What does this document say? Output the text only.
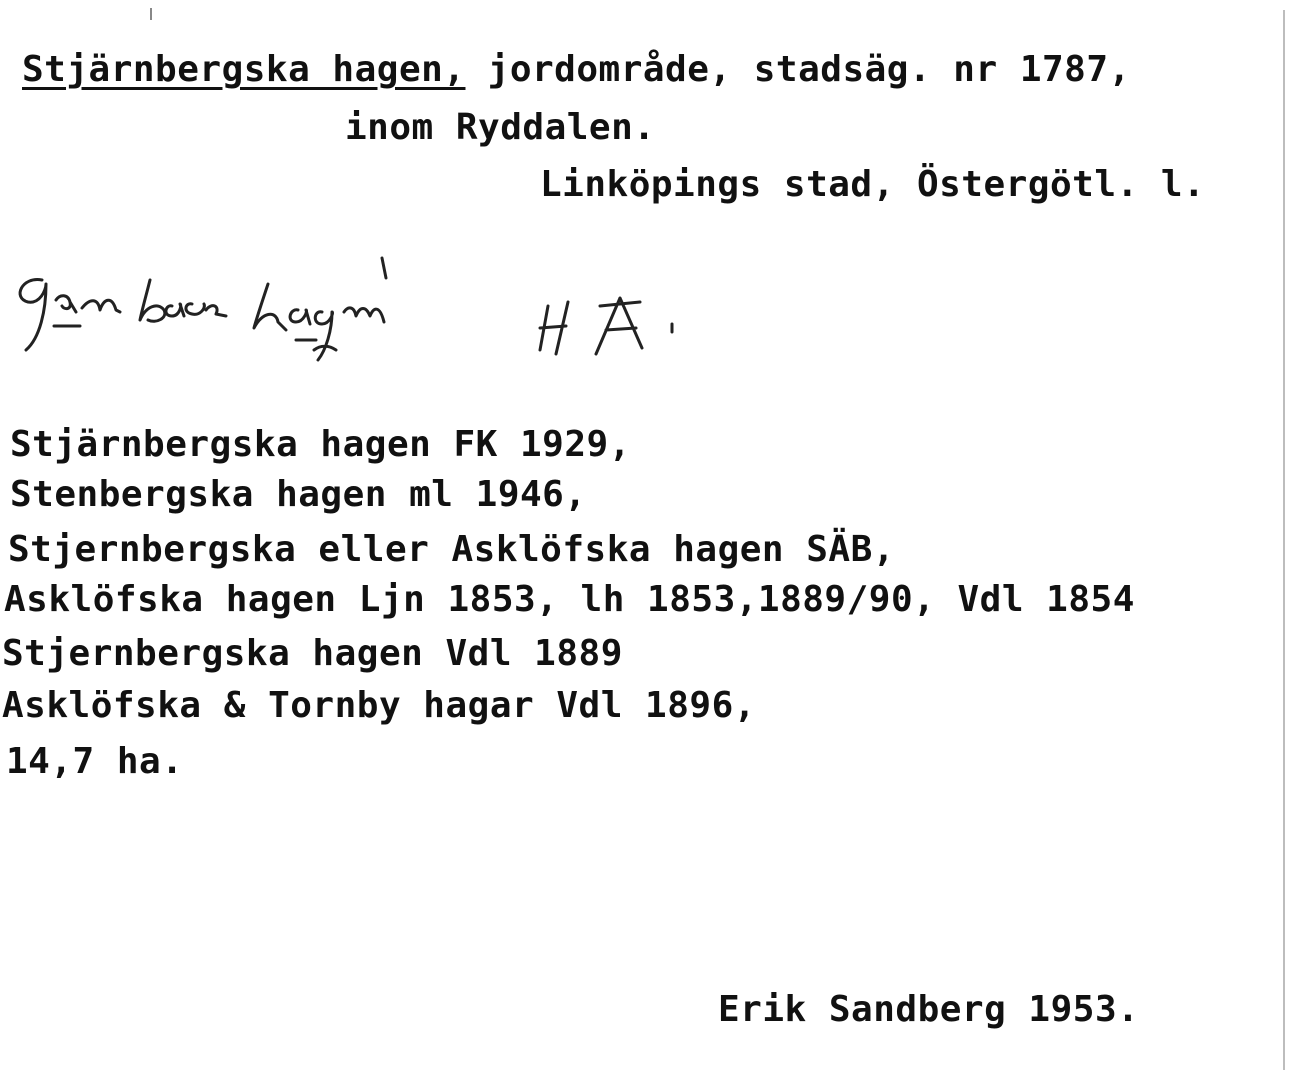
Stjärnbergska hagen, jordområde, stadsäg. nr 1787,
inom Ryddalen.
Linköpings stad, Östergötl. l.
Stjärnbergska hagen FK 1929,
Stenbergska hagen ml 1946,
Stjernbergska eller Asklöfska hagen SÄB,
Asklöfska hagen Ljn 1853, lh 1853,1889/90, Vdl 1854
Stjernbergska hagen Vdl 1889
Asklöfska & Tornby hagar Vdl 1896,
14,7 ha.
Erik Sandberg 1953.
